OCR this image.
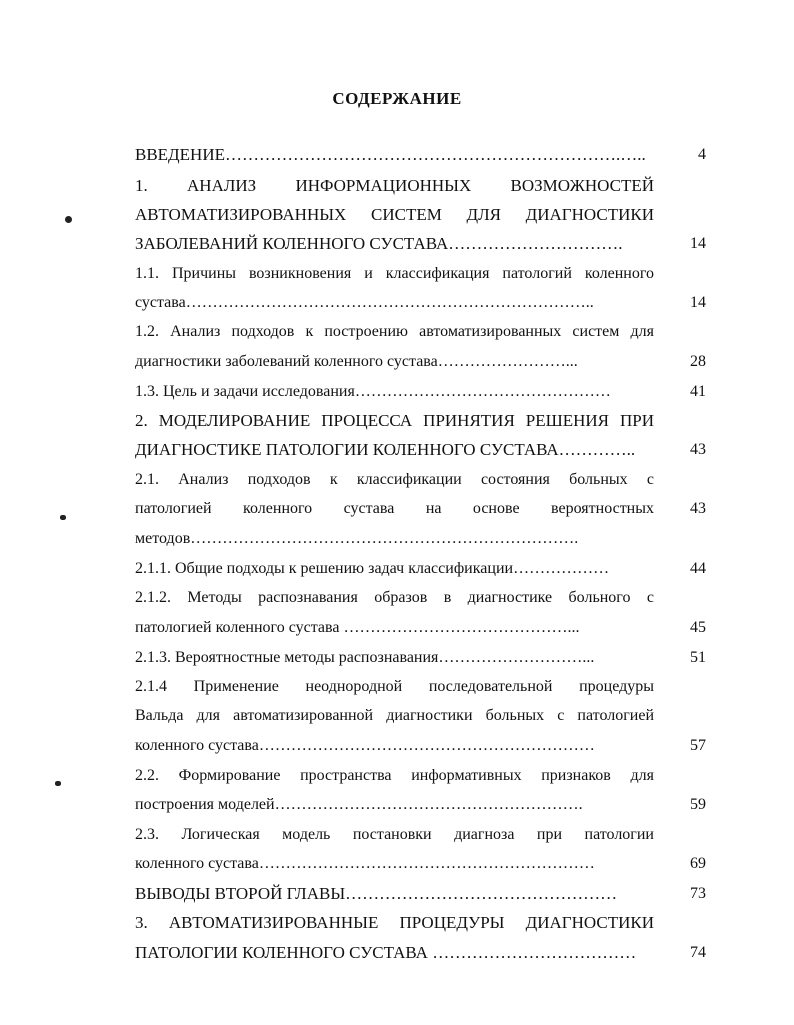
СОДЕРЖАНИЕ
ВВЕДЕНИЕ…………………………………………………………….…..
1. АНАЛИЗ ИНФОРМАЦИОННЫХ ВОЗМОЖНОСТЕЙ
АВТОМАТИЗИРОВАННЫХ СИСТЕМ ДЛЯ ДИАГНОСТИКИ
ЗАБОЛЕВАНИЙ КОЛЕННОГО СУСТАВА………………………….
1.1. Причины возникновения и классификация патологий коленного
сустава…………………………………………………………………..
1.2. Анализ подходов к построению автоматизированных систем для
диагностики заболеваний коленного сустава……………………...
1.3. Цель и задачи исследования…………………………………………
2. МОДЕЛИРОВАНИЕ ПРОЦЕССА ПРИНЯТИЯ РЕШЕНИЯ ПРИ
ДИАГНОСТИКЕ ПАТОЛОГИИ КОЛЕННОГО СУСТАВА…………..
2.1. Анализ подходов к классификации состояния больных с
патологией коленного сустава на основе вероятностных
методов……………………………………………………………….
2.1.1. Общие подходы к решению задач классификации………………
2.1.2. Методы распознавания образов в диагностике больного с
патологией коленного сустава ……………………………………...
2.1.3. Вероятностные методы распознавания………………………...
2.1.4 Применение неоднородной последовательной процедуры
Вальда для автоматизированной диагностики больных с патологией
коленного сустава………………………………………………………
2.2. Формирование пространства информативных признаков для
построения моделей………………………………………………….
2.3. Логическая модель постановки диагноза при патологии
коленного сустава………………………………………………………
ВЫВОДЫ ВТОРОЙ ГЛАВЫ…………………………………………
3. АВТОМАТИЗИРОВАННЫЕ ПРОЦЕДУРЫ ДИАГНОСТИКИ
ПАТОЛОГИИ КОЛЕННОГО СУСТАВА ………………………………
4
14
14
28
41
43
43
44
45
51
57
59
69
73
74
